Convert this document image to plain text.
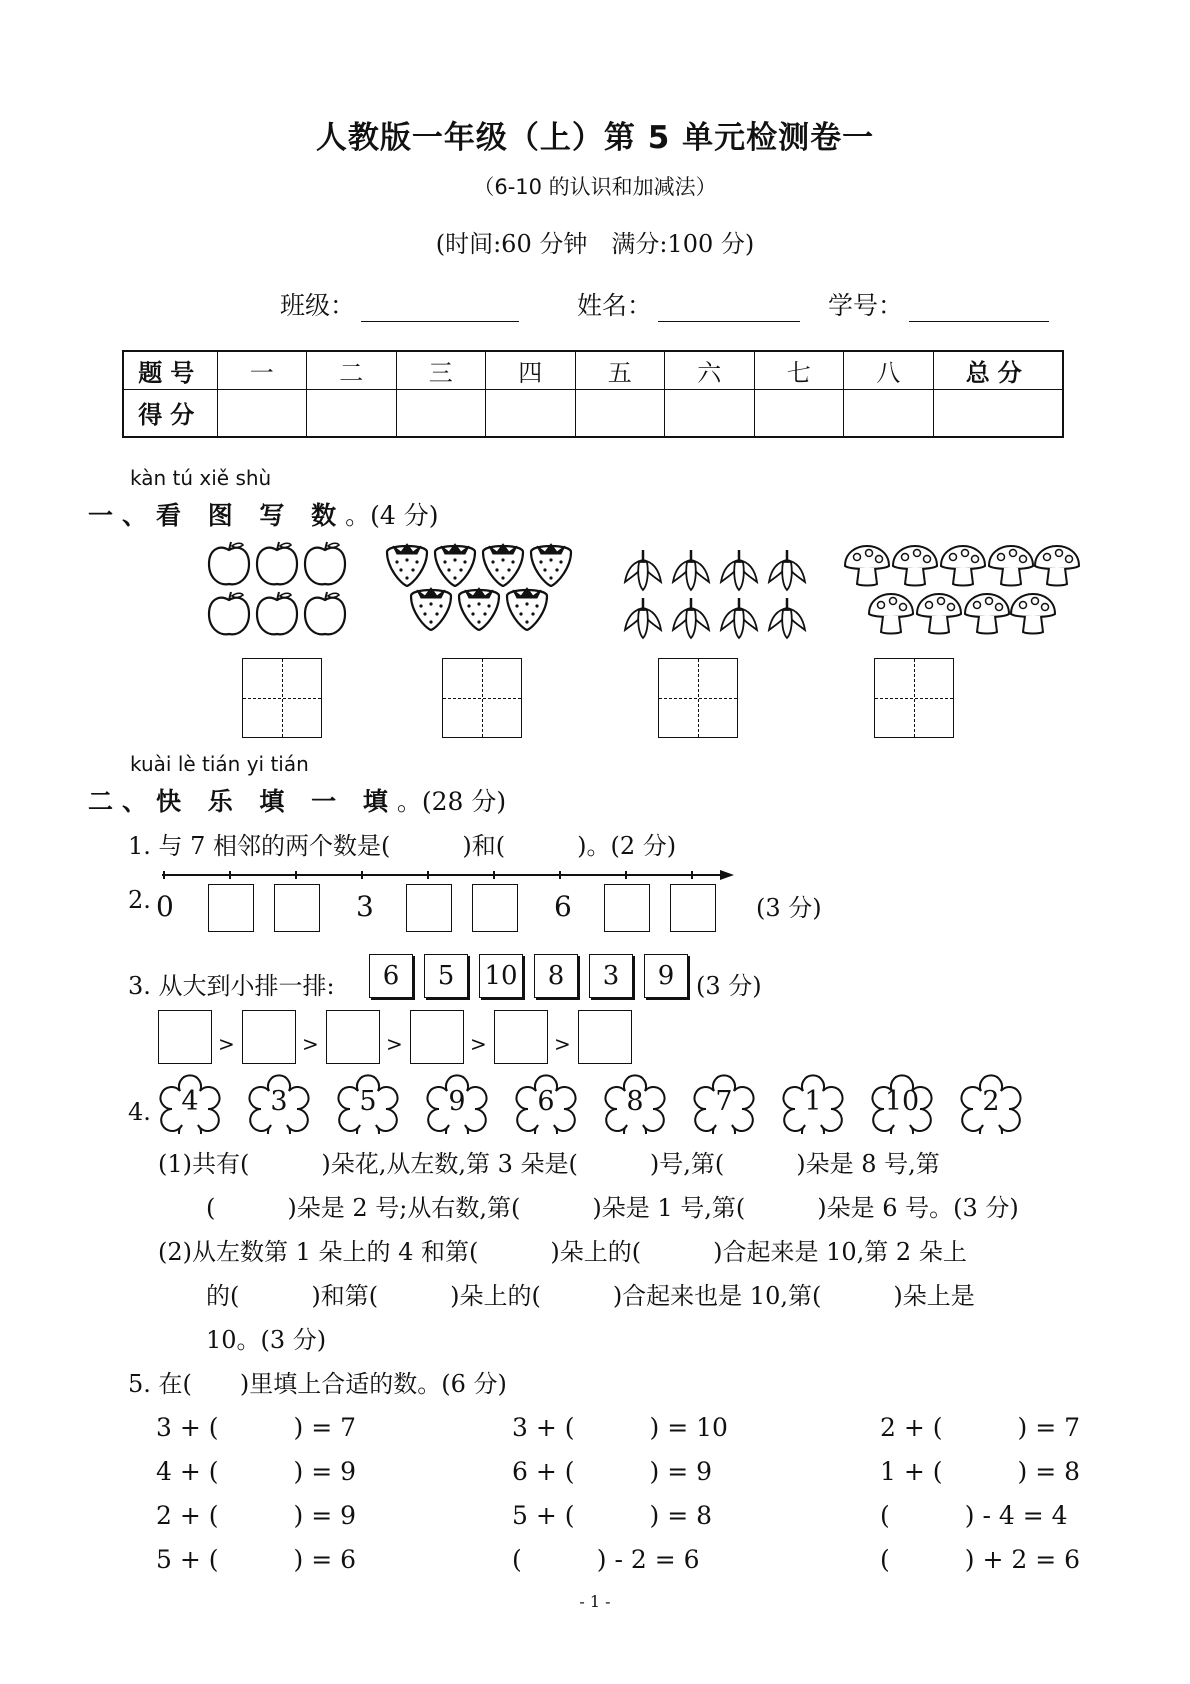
人教版一年级（上）第 5 单元检测卷一
（6-10 的认识和加减法）
(时间:60 分钟　满分:100 分)
班级：	姓名：	学号：
题号	一	二	三	四	五	六	七	八	总分
得分									
kàn tú xiě shù
一、看 图 写 数。(4 分)
kuài lè tián yi tián
二、快 乐 填 一 填。(28 分)
1. 与 7 相邻的两个数是(　　　)和(　　　)。(2 分)
2. 0	3	6	(3 分)
3. 从大到小排一排:	6	5	10	8	3	9 (3 分)
>	>	>	>	>
4.	4	3	5	9	6	8	7	1	10	2
(1)共有(　　　)朵花,从左数,第 3 朵是(　　　)号,第(　　　)朵是 8 号,第
(　　　)朵是 2 号;从右数,第(　　　)朵是 1 号,第(　　　)朵是 6 号。(3 分)
(2)从左数第 1 朵上的 4 和第(　　　)朵上的(　　　)合起来是 10,第 2 朵上
的(　　　)和第(　　　)朵上的(　　　)合起来也是 10,第(　　　)朵上是
10。(3 分)
5. 在(　　)里填上合适的数。(6 分)
3 + (　　　) = 7	3 + (　　　) = 10	2 + (　　　) = 7
4 + (　　　) = 9	6 + (　　　) = 9	1 + (　　　) = 8
2 + (　　　) = 9	5 + (　　　) = 8	(　　　) - 4 = 4
5 + (　　　) = 6	(　　　) - 2 = 6	(　　　) + 2 = 6
- 1 -
